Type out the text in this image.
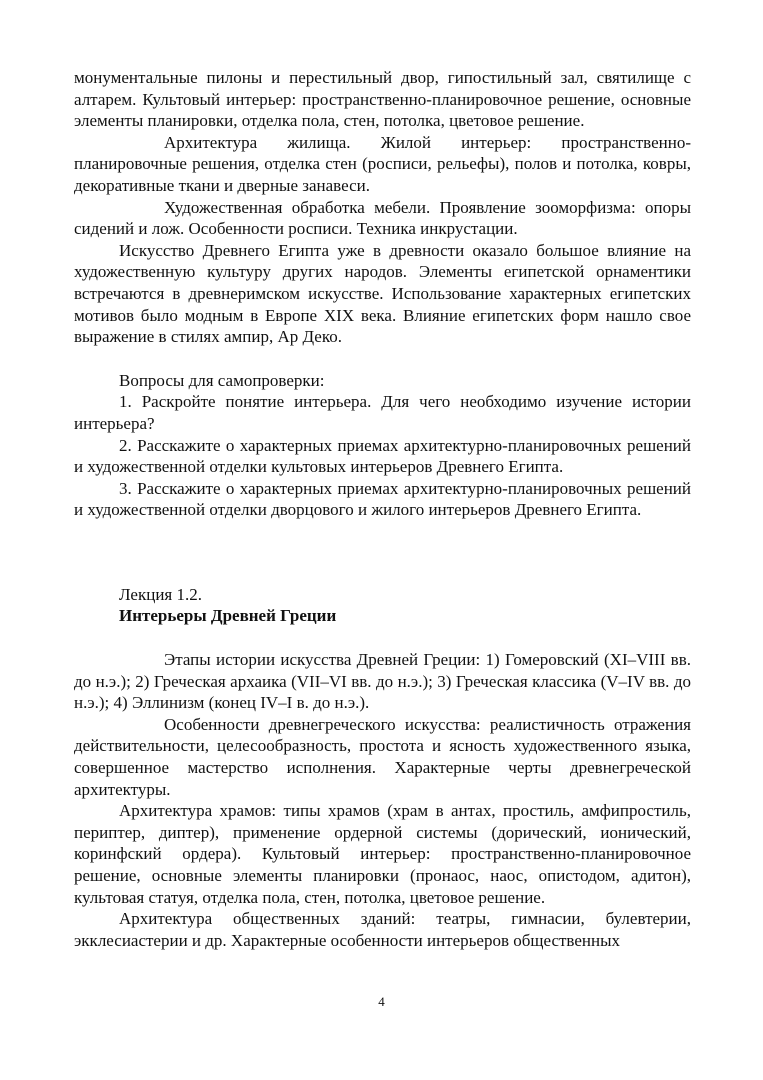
монументальные пилоны и перестильный двор, гипостильный зал, святилище с алтарем. Культовый интерьер: пространственно-планировочное решение, основные элементы планировки, отделка пола, стен, потолка, цветовое решение.

Архитектура жилища. Жилой интерьер: пространственно-планировочные решения, отделка стен (росписи, рельефы), полов и потолка, ковры, декоративные ткани и дверные занавеси.

Художественная обработка мебели. Проявление зооморфизма: опоры сидений и лож. Особенности росписи. Техника инкрустации.

Искусство Древнего Египта уже в древности оказало большое влияние на художественную культуру других народов. Элементы египетской орнаментики встречаются в древнеримском искусстве. Использование характерных египетских мотивов было модным в Европе XIX века. Влияние египетских форм нашло свое выражение в стилях ампир, Ар Деко.

Вопросы для самопроверки:

1. Раскройте понятие интерьера. Для чего необходимо изучение истории интерьера?

2. Расскажите о характерных приемах архитектурно-планировочных решений и художественной отделки культовых интерьеров Древнего Египта.

3. Расскажите о характерных приемах архитектурно-планировочных решений и художественной отделки дворцового и жилого интерьеров Древнего Египта.

Лекция 1.2.

Интерьеры Древней Греции

Этапы истории искусства Древней Греции: 1) Гомеровский (XI–VIII вв. до н.э.); 2) Греческая архаика (VII–VI вв. до н.э.); 3) Греческая классика (V–IV вв. до н.э.); 4) Эллинизм (конец IV–I в. до н.э.).

Особенности древнегреческого искусства: реалистичность отражения действительности, целесообразность, простота и ясность художественного языка, совершенное мастерство исполнения. Характерные черты древнегреческой архитектуры.

Архитектура храмов: типы храмов (храм в антах, простиль, амфипростиль, периптер, диптер), применение ордерной системы (дорический, ионический, коринфский ордера). Культовый интерьер: пространственно-планировочное решение, основные элементы планировки (пронаос, наос, опистодом, адитон), культовая статуя, отделка пола, стен, потолка, цветовое решение.

Архитектура общественных зданий: театры, гимнасии, булевтерии, экклесиастерии и др. Характерные особенности интерьеров общественных

4
